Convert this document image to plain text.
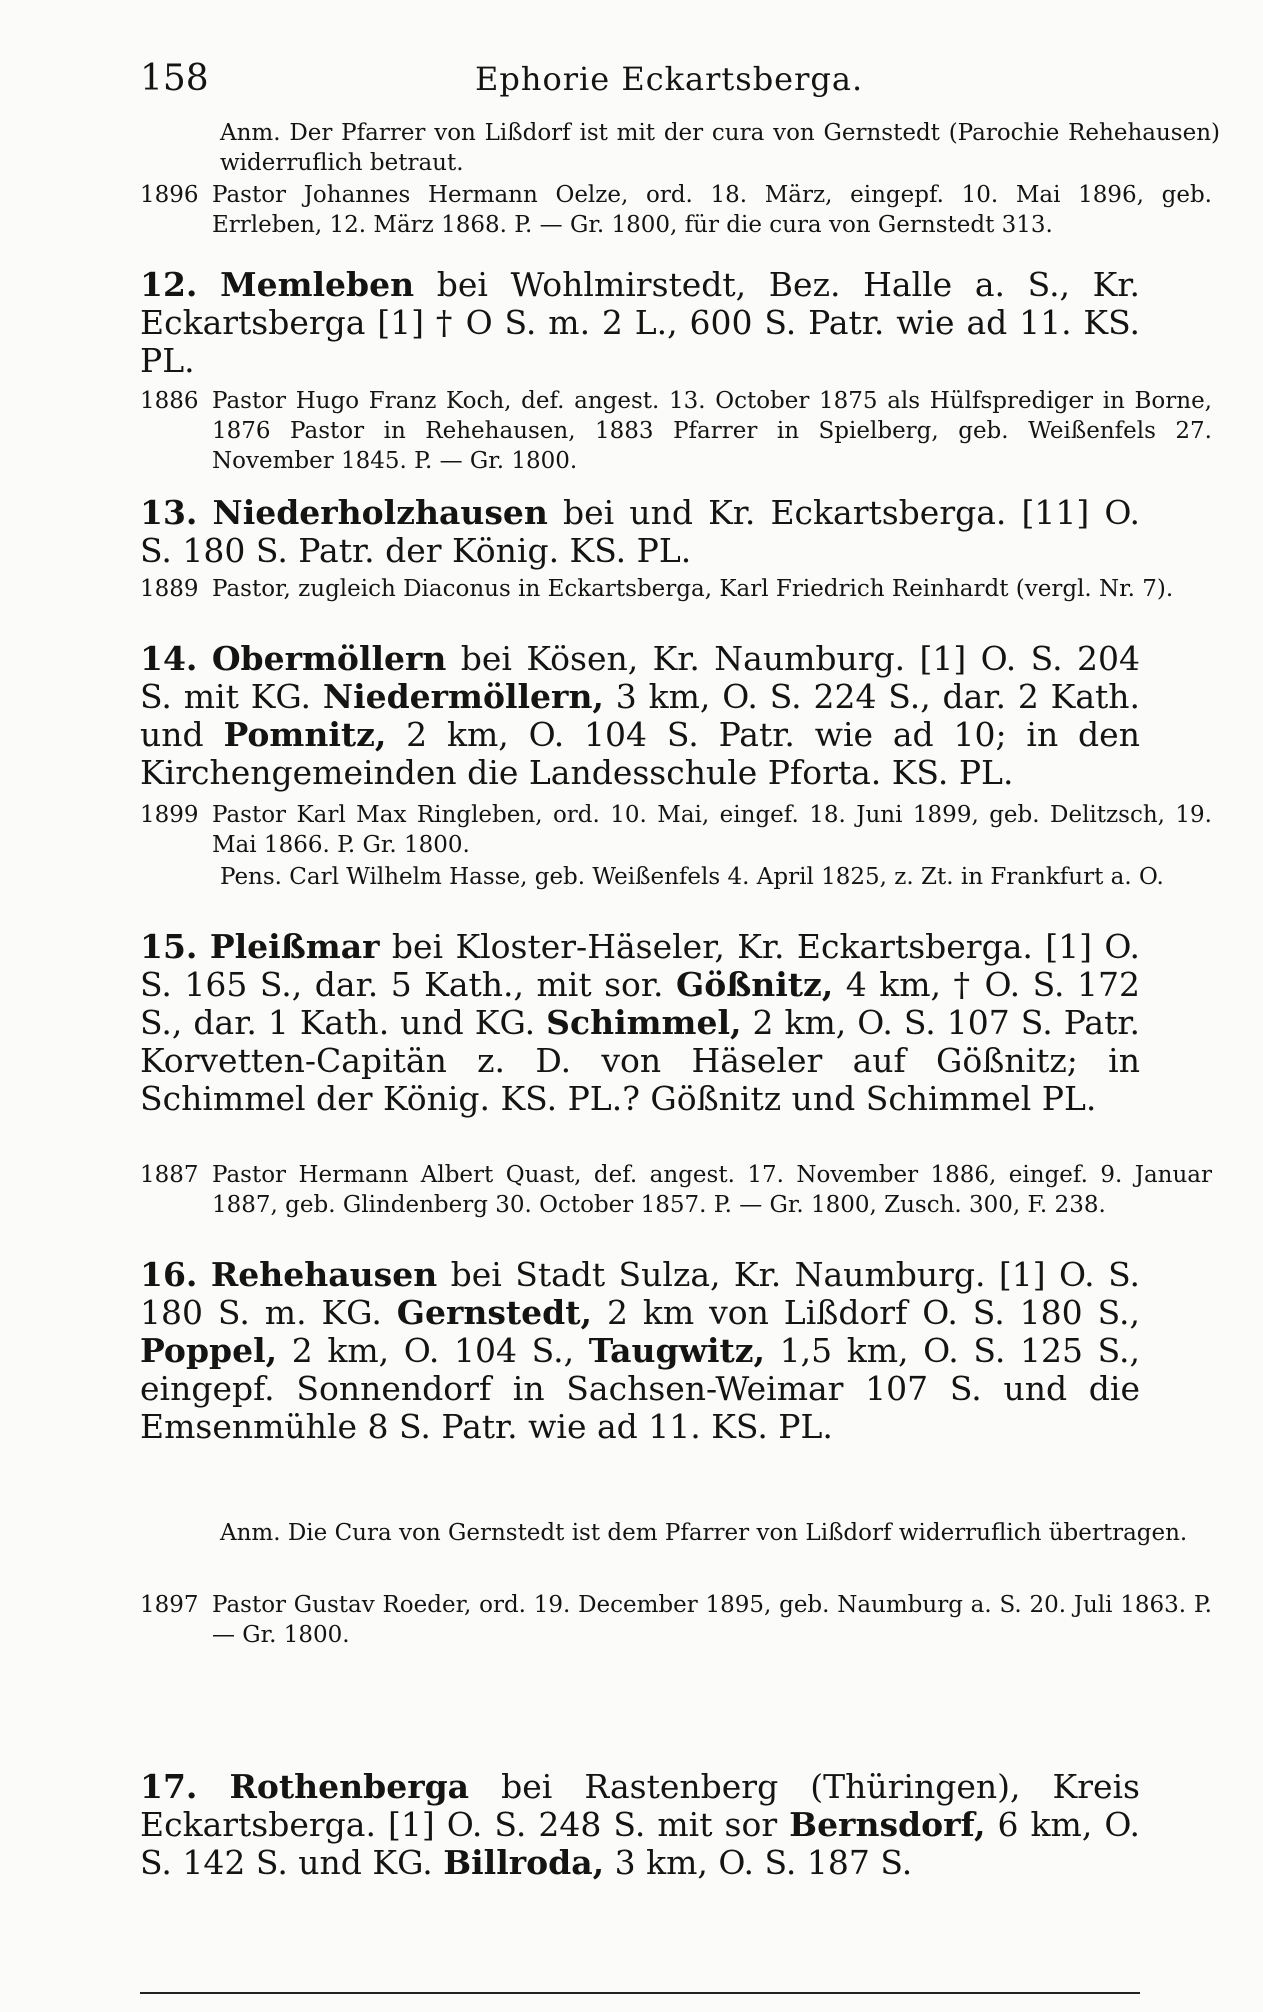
158	Ephorie Eckartsberga.
Anm. Der Pfarrer von Lißdorf ist mit der cura von Gernstedt (Parochie Rehehausen) widerruflich betraut.
1896 Pastor Johannes Hermann Oelze, ord. 18. März, eingepf. 10. Mai 1896, geb. Errleben, 12. März 1868. P. — Gr. 1800, für die cura von Gernstedt 313.
12. Memleben bei Wohlmirstedt, Bez. Halle a. S., Kr. Eckartsberga [1] † O S. m. 2 L., 600 S. Patr. wie ad 11. KS. PL.
1886 Pastor Hugo Franz Koch, def. angest. 13. October 1875 als Hülfsprediger in Borne, 1876 Pastor in Rehehausen, 1883 Pfarrer in Spielberg, geb. Weißenfels 27. November 1845. P. — Gr. 1800.
13. Niederholzhausen bei und Kr. Eckartsberga. [11] O. S. 180 S. Patr. der König. KS. PL.
1889 Pastor, zugleich Diaconus in Eckartsberga, Karl Friedrich Reinhardt (vergl. Nr. 7).
14. Obermöllern bei Kösen, Kr. Naumburg. [1] O. S. 204 S. mit KG. Niedermöllern, 3 km, O. S. 224 S., dar. 2 Kath. und Pomnitz, 2 km, O. 104 S. Patr. wie ad 10; in den Kirchengemeinden die Landesschule Pforta. KS. PL.
1899 Pastor Karl Max Ringleben, ord. 10. Mai, eingef. 18. Juni 1899, geb. Delitzsch, 19. Mai 1866. P. Gr. 1800.
Pens. Carl Wilhelm Hasse, geb. Weißenfels 4. April 1825, z. Zt. in Frankfurt a. O.
15. Pleißmar bei Kloster-Häseler, Kr. Eckartsberga. [1] O. S. 165 S., dar. 5 Kath., mit sor. Gößnitz, 4 km, † O. S. 172 S., dar. 1 Kath. und KG. Schimmel, 2 km, O. S. 107 S. Patr. Korvetten-Capitän z. D. von Häseler auf Gößnitz; in Schimmel der König. KS. PL.? Gößnitz und Schimmel PL.
1887 Pastor Hermann Albert Quast, def. angest. 17. November 1886, eingef. 9. Januar 1887, geb. Glindenberg 30. October 1857. P. — Gr. 1800, Zusch. 300, F. 238.
16. Rehehausen bei Stadt Sulza, Kr. Naumburg. [1] O. S. 180 S. m. KG. Gernstedt, 2 km von Lißdorf O. S. 180 S., Poppel, 2 km, O. 104 S., Taugwitz, 1,5 km, O. S. 125 S., eingepf. Sonnendorf in Sachsen-Weimar 107 S. und die Emsenmühle 8 S. Patr. wie ad 11. KS. PL.
Anm. Die Cura von Gernstedt ist dem Pfarrer von Lißdorf widerruflich übertragen.
1897 Pastor Gustav Roeder, ord. 19. December 1895, geb. Naumburg a. S. 20. Juli 1863. P. — Gr. 1800.
17. Rothenberga bei Rastenberg (Thüringen), Kreis Eckartsberga. [1] O. S. 248 S. mit sor Bernsdorf, 6 km, O. S. 142 S. und KG. Billroda, 3 km, O. S. 187 S.
